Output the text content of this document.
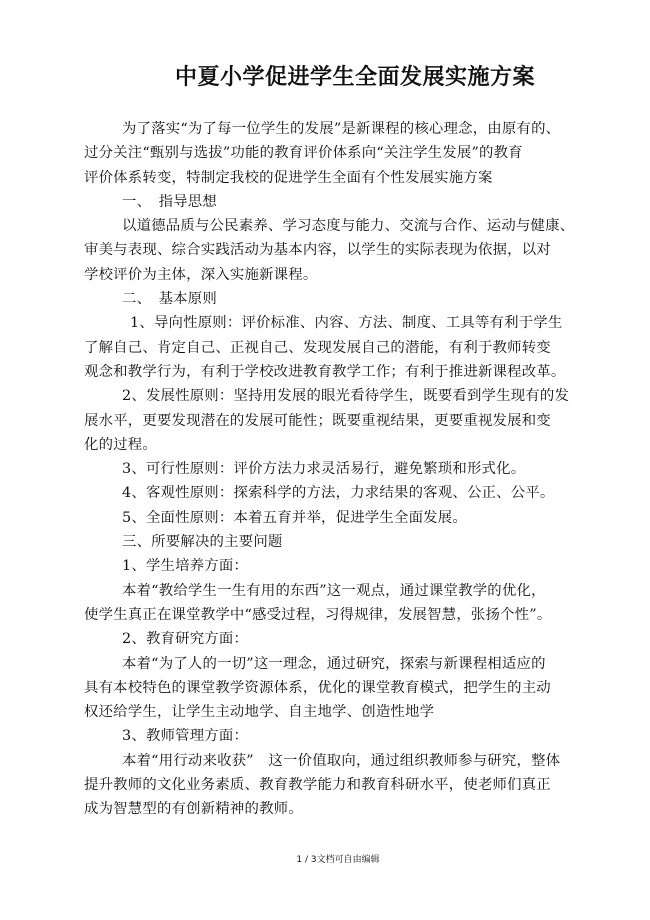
中夏小学促进学生全面发展实施方案
为了落实“为了每一位学生的发展”是新课程的核心理念，由原有的、
过分关注“甄别与选拔”功能的教育评价体系向“关注学生发展”的教育
评价体系转变，特制定我校的促进学生全面有个性发展实施方案
一、　指导思想
以道德品质与公民素养、学习态度与能力、交流与合作、运动与健康、
审美与表现、综合实践活动为基本内容，以学生的实际表现为依据，以对
学校评价为主体，深入实施新课程。
二、　基本原则
1、导向性原则：评价标准、内容、方法、制度、工具等有利于学生
了解自己、肯定自己、正视自己、发现发展自己的潜能，有利于教师转变
观念和教学行为，有利于学校改进教育教学工作；有利于推进新课程改革。
2、发展性原则：坚持用发展的眼光看待学生，既要看到学生现有的发
展水平，更要发现潜在的发展可能性；既要重视结果，更要重视发展和变
化的过程。
3、可行性原则：评价方法力求灵活易行，避免繁琐和形式化。
4、客观性原则：探索科学的方法，力求结果的客观、公正、公平。
5、全面性原则：本着五育并举，促进学生全面发展。
三、所要解决的主要问题
1、学生培养方面：
本着“教给学生一生有用的东西”这一观点，通过课堂教学的优化，
使学生真正在课堂教学中“感受过程，习得规律，发展智慧，张扬个性”。
2、教育研究方面：
本着“为了人的一切”这一理念，通过研究，探索与新课程相适应的
具有本校特色的课堂教学资源体系，优化的课堂教育模式，把学生的主动
权还给学生，让学生主动地学、自主地学、创造性地学
3、教师管理方面：
本着“用行动来收获”　这一价值取向，通过组织教师参与研究，整体
提升教师的文化业务素质、教育教学能力和教育科研水平，使老师们真正
成为智慧型的有创新精神的教师。
1 / 3文档可自由编辑
